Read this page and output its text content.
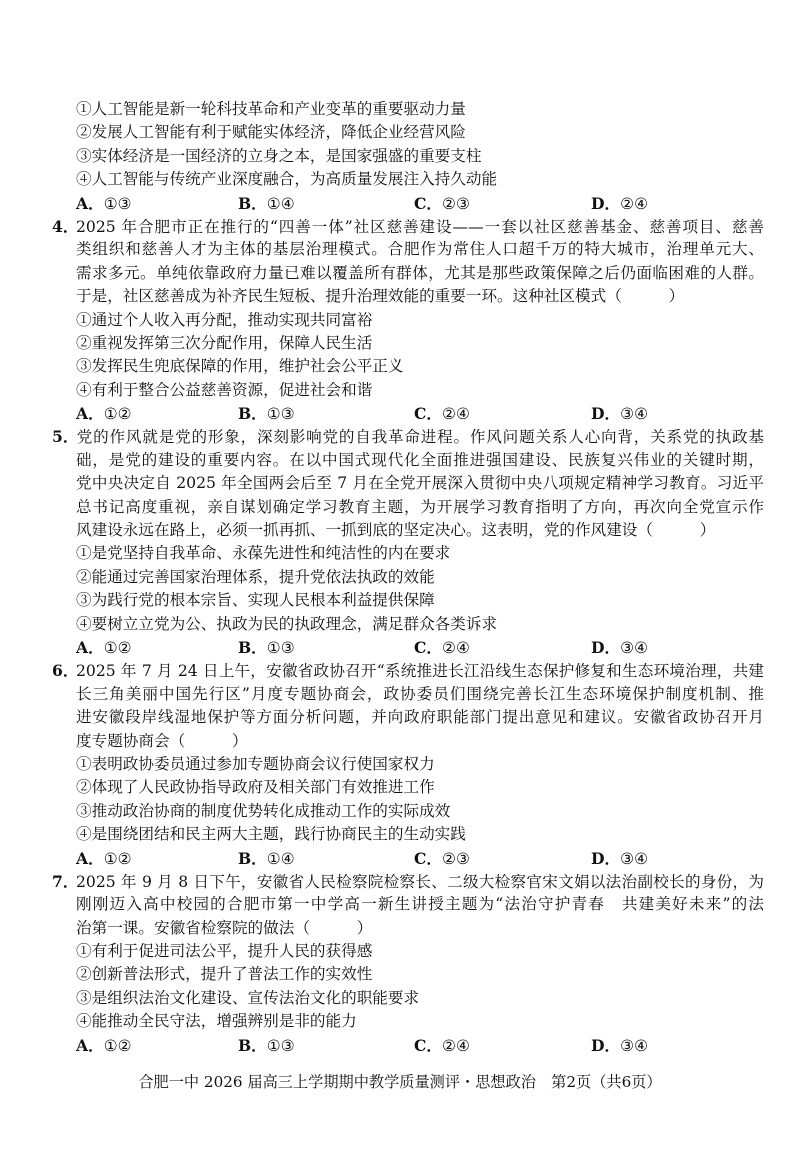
①人工智能是新一轮科技革命和产业变革的重要驱动力量
②发展人工智能有利于赋能实体经济，降低企业经营风险
③实体经济是一国经济的立身之本，是国家强盛的重要支柱
④人工智能与传统产业深度融合，为高质量发展注入持久动能
A．①③	B．①④	C．②③	D．②④
4．2025 年合肥市正在推行的“四善一体”社区慈善建设——一套以社区慈善基金、慈善项目、慈善
类组织和慈善人才为主体的基层治理模式。合肥作为常住人口超千万的特大城市，治理单元大、
需求多元。单纯依靠政府力量已难以覆盖所有群体，尤其是那些政策保障之后仍面临困难的人群。
于是，社区慈善成为补齐民生短板、提升治理效能的重要一环。这种社区模式（　　　）
①通过个人收入再分配，推动实现共同富裕
②重视发挥第三次分配作用，保障人民生活
③发挥民生兜底保障的作用，维护社会公平正义
④有利于整合公益慈善资源，促进社会和谐
A．①②	B．①③	C．②④	D．③④
5．党的作风就是党的形象，深刻影响党的自我革命进程。作风问题关系人心向背，关系党的执政基
础，是党的建设的重要内容。在以中国式现代化全面推进强国建设、民族复兴伟业的关键时期，
党中央决定自 2025 年全国两会后至 7 月在全党开展深入贯彻中央八项规定精神学习教育。习近平
总书记高度重视，亲自谋划确定学习教育主题，为开展学习教育指明了方向，再次向全党宣示作
风建设永远在路上，必须一抓再抓、一抓到底的坚定决心。这表明，党的作风建设（　　　）
①是党坚持自我革命、永葆先进性和纯洁性的内在要求
②能通过完善国家治理体系，提升党依法执政的效能
③为践行党的根本宗旨、实现人民根本利益提供保障
④要树立立党为公、执政为民的执政理念，满足群众各类诉求
A．①②	B．①③	C．②④	D．③④
6．2025 年 7 月 24 日上午，安徽省政协召开“系统推进长江沿线生态保护修复和生态环境治理，共建
长三角美丽中国先行区”月度专题协商会，政协委员们围绕完善长江生态环境保护制度机制、推
进安徽段岸线湿地保护等方面分析问题，并向政府职能部门提出意见和建议。安徽省政协召开月
度专题协商会（　　　）
①表明政协委员通过参加专题协商会议行使国家权力
②体现了人民政协指导政府及相关部门有效推进工作
③推动政治协商的制度优势转化成推动工作的实际成效
④是围绕团结和民主两大主题，践行协商民主的生动实践
A．①②	B．①④	C．②③	D．③④
7．2025 年 9 月 8 日下午，安徽省人民检察院检察长、二级大检察官宋文娟以法治副校长的身份，为
刚刚迈入高中校园的合肥市第一中学高一新生讲授主题为“法治守护青春　共建美好未来”的法
治第一课。安徽省检察院的做法（　　　）
①有利于促进司法公平，提升人民的获得感
②创新普法形式，提升了普法工作的实效性
③是组织法治文化建设、宣传法治文化的职能要求
④能推动全民守法，增强辨别是非的能力
A．①②	B．①③	C．②④	D．③④
合肥一中 2026 届高三上学期期中教学质量测评・思想政治　第2页（共6页）
